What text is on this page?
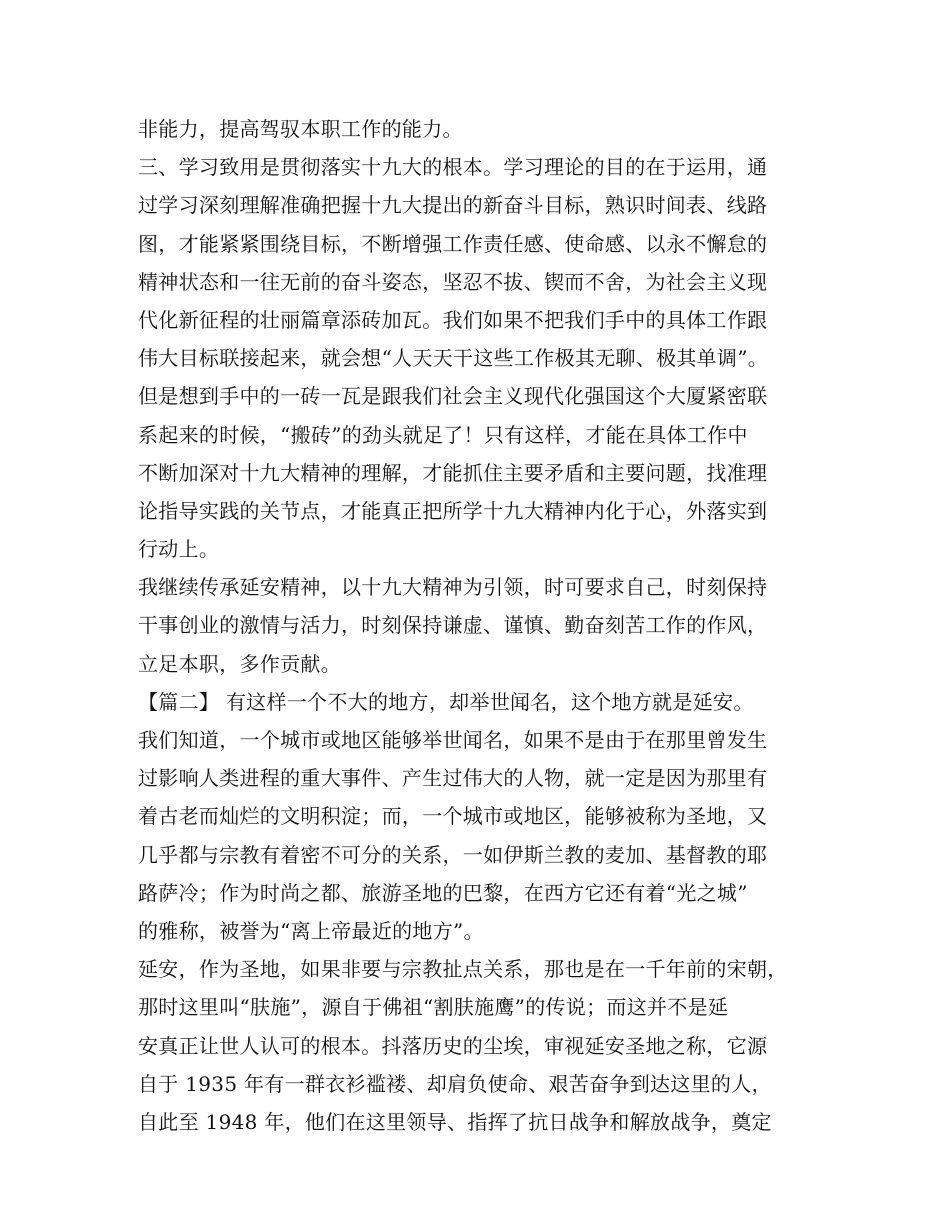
非能力，提高驾驭本职工作的能力。
三、学习致用是贯彻落实十九大的根本。学习理论的目的在于运用，通
过学习深刻理解准确把握十九大提出的新奋斗目标，熟识时间表、线路
图，才能紧紧围绕目标，不断增强工作责任感、使命感、以永不懈怠的
精神状态和一往无前的奋斗姿态，坚忍不拔、锲而不舍，为社会主义现
代化新征程的壮丽篇章添砖加瓦。我们如果不把我们手中的具体工作跟
伟大目标联接起来，就会想“人天天干这些工作极其无聊、极其单调”。
但是想到手中的一砖一瓦是跟我们社会主义现代化强国这个大厦紧密联
系起来的时候，“搬砖”的劲头就足了！只有这样，才能在具体工作中
不断加深对十九大精神的理解，才能抓住主要矛盾和主要问题，找准理
论指导实践的关节点，才能真正把所学十九大精神内化于心，外落实到
行动上。
我继续传承延安精神，以十九大精神为引领，时可要求自己，时刻保持
干事创业的激情与活力，时刻保持谦虚、谨慎、勤奋刻苦工作的作风，
立足本职，多作贡献。
【篇二】 有这样一个不大的地方，却举世闻名，这个地方就是延安。
我们知道，一个城市或地区能够举世闻名，如果不是由于在那里曾发生
过影响人类进程的重大事件、产生过伟大的人物，就一定是因为那里有
着古老而灿烂的文明积淀；而，一个城市或地区，能够被称为圣地，又
几乎都与宗教有着密不可分的关系，一如伊斯兰教的麦加、基督教的耶
路萨冷；作为时尚之都、旅游圣地的巴黎，在西方它还有着“光之城”
的雅称，被誉为“离上帝最近的地方”。
延安，作为圣地，如果非要与宗教扯点关系，那也是在一千年前的宋朝，
那时这里叫“肤施”，源自于佛祖“割肤施鹰”的传说；而这并不是延
安真正让世人认可的根本。抖落历史的尘埃，审视延安圣地之称，它源
自于 1935 年有一群衣衫褴褛、却肩负使命、艰苦奋争到达这里的人，
自此至 1948 年，他们在这里领导、指挥了抗日战争和解放战争，奠定
